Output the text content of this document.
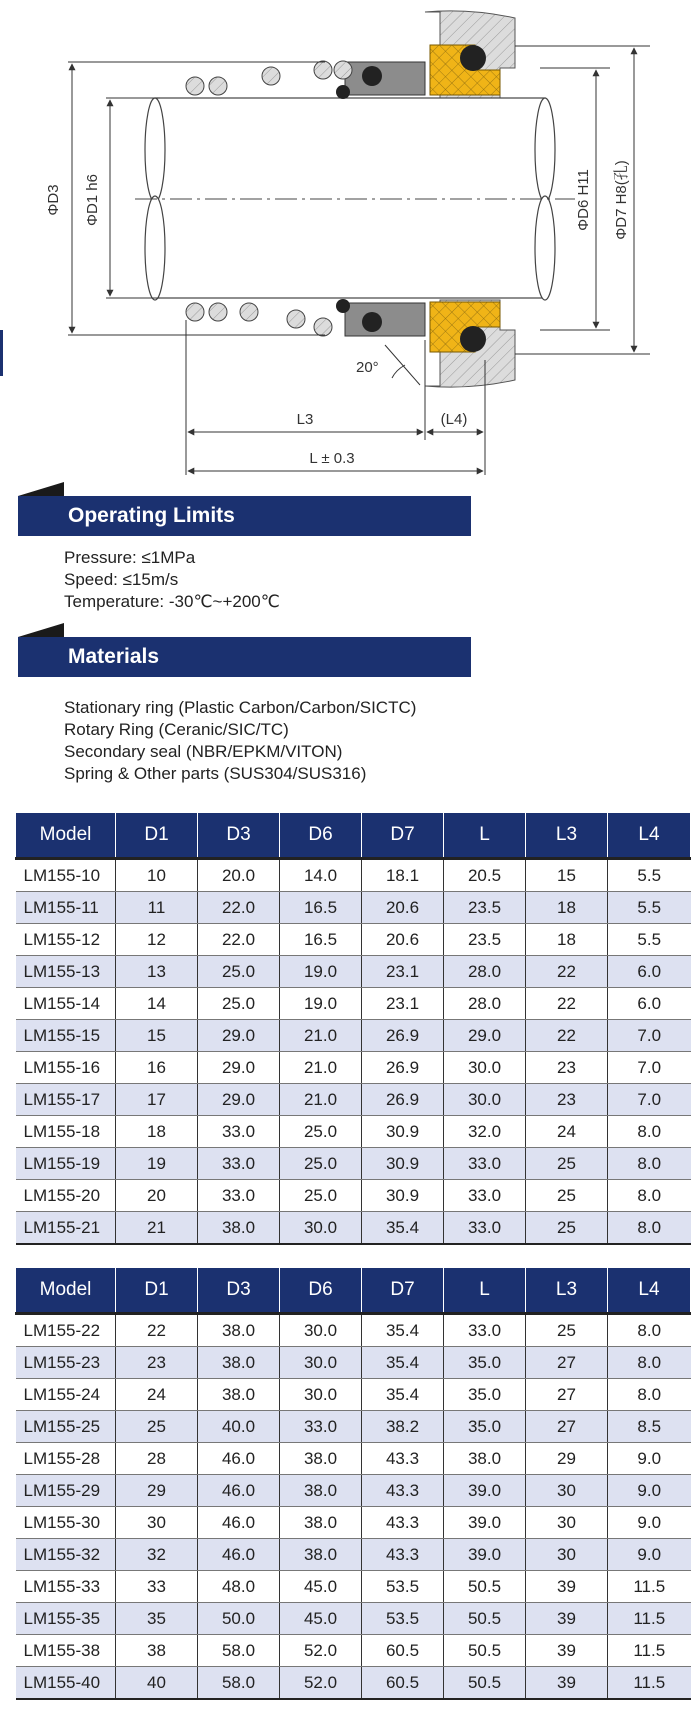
ΦD3 ΦD1 h6	ΦD6 H11 ΦD7 H8(孔)
20°
L3	(L4)
L ± 0.3
Operating Limits
Pressure: ≤1MPa
Speed: ≤15m/s
Temperature: -30℃~+200℃
Materials
Stationary ring (Plastic Carbon/Carbon/SICTC)
Rotary Ring (Ceranic/SIC/TC)
Secondary seal (NBR/EPKM/VITON)
Spring & Other parts (SUS304/SUS316)
Model	D1	D3	D6	D7	L	L3	L4
LM155-10	10	20.0	14.0	18.1	20.5	15	5.5
LM155-11	11	22.0	16.5	20.6	23.5	18	5.5
LM155-12	12	22.0	16.5	20.6	23.5	18	5.5
LM155-13	13	25.0	19.0	23.1	28.0	22	6.0
LM155-14	14	25.0	19.0	23.1	28.0	22	6.0
LM155-15	15	29.0	21.0	26.9	29.0	22	7.0
LM155-16	16	29.0	21.0	26.9	30.0	23	7.0
LM155-17	17	29.0	21.0	26.9	30.0	23	7.0
LM155-18	18	33.0	25.0	30.9	32.0	24	8.0
LM155-19	19	33.0	25.0	30.9	33.0	25	8.0
LM155-20	20	33.0	25.0	30.9	33.0	25	8.0
LM155-21	21	38.0	30.0	35.4	33.0	25	8.0
Model	D1	D3	D6	D7	L	L3	L4
LM155-22	22	38.0	30.0	35.4	33.0	25	8.0
LM155-23	23	38.0	30.0	35.4	35.0	27	8.0
LM155-24	24	38.0	30.0	35.4	35.0	27	8.0
LM155-25	25	40.0	33.0	38.2	35.0	27	8.5
LM155-28	28	46.0	38.0	43.3	38.0	29	9.0
LM155-29	29	46.0	38.0	43.3	39.0	30	9.0
LM155-30	30	46.0	38.0	43.3	39.0	30	9.0
LM155-32	32	46.0	38.0	43.3	39.0	30	9.0
LM155-33	33	48.0	45.0	53.5	50.5	39	11.5
LM155-35	35	50.0	45.0	53.5	50.5	39	11.5
LM155-38	38	58.0	52.0	60.5	50.5	39	11.5
LM155-40	40	58.0	52.0	60.5	50.5	39	11.5
